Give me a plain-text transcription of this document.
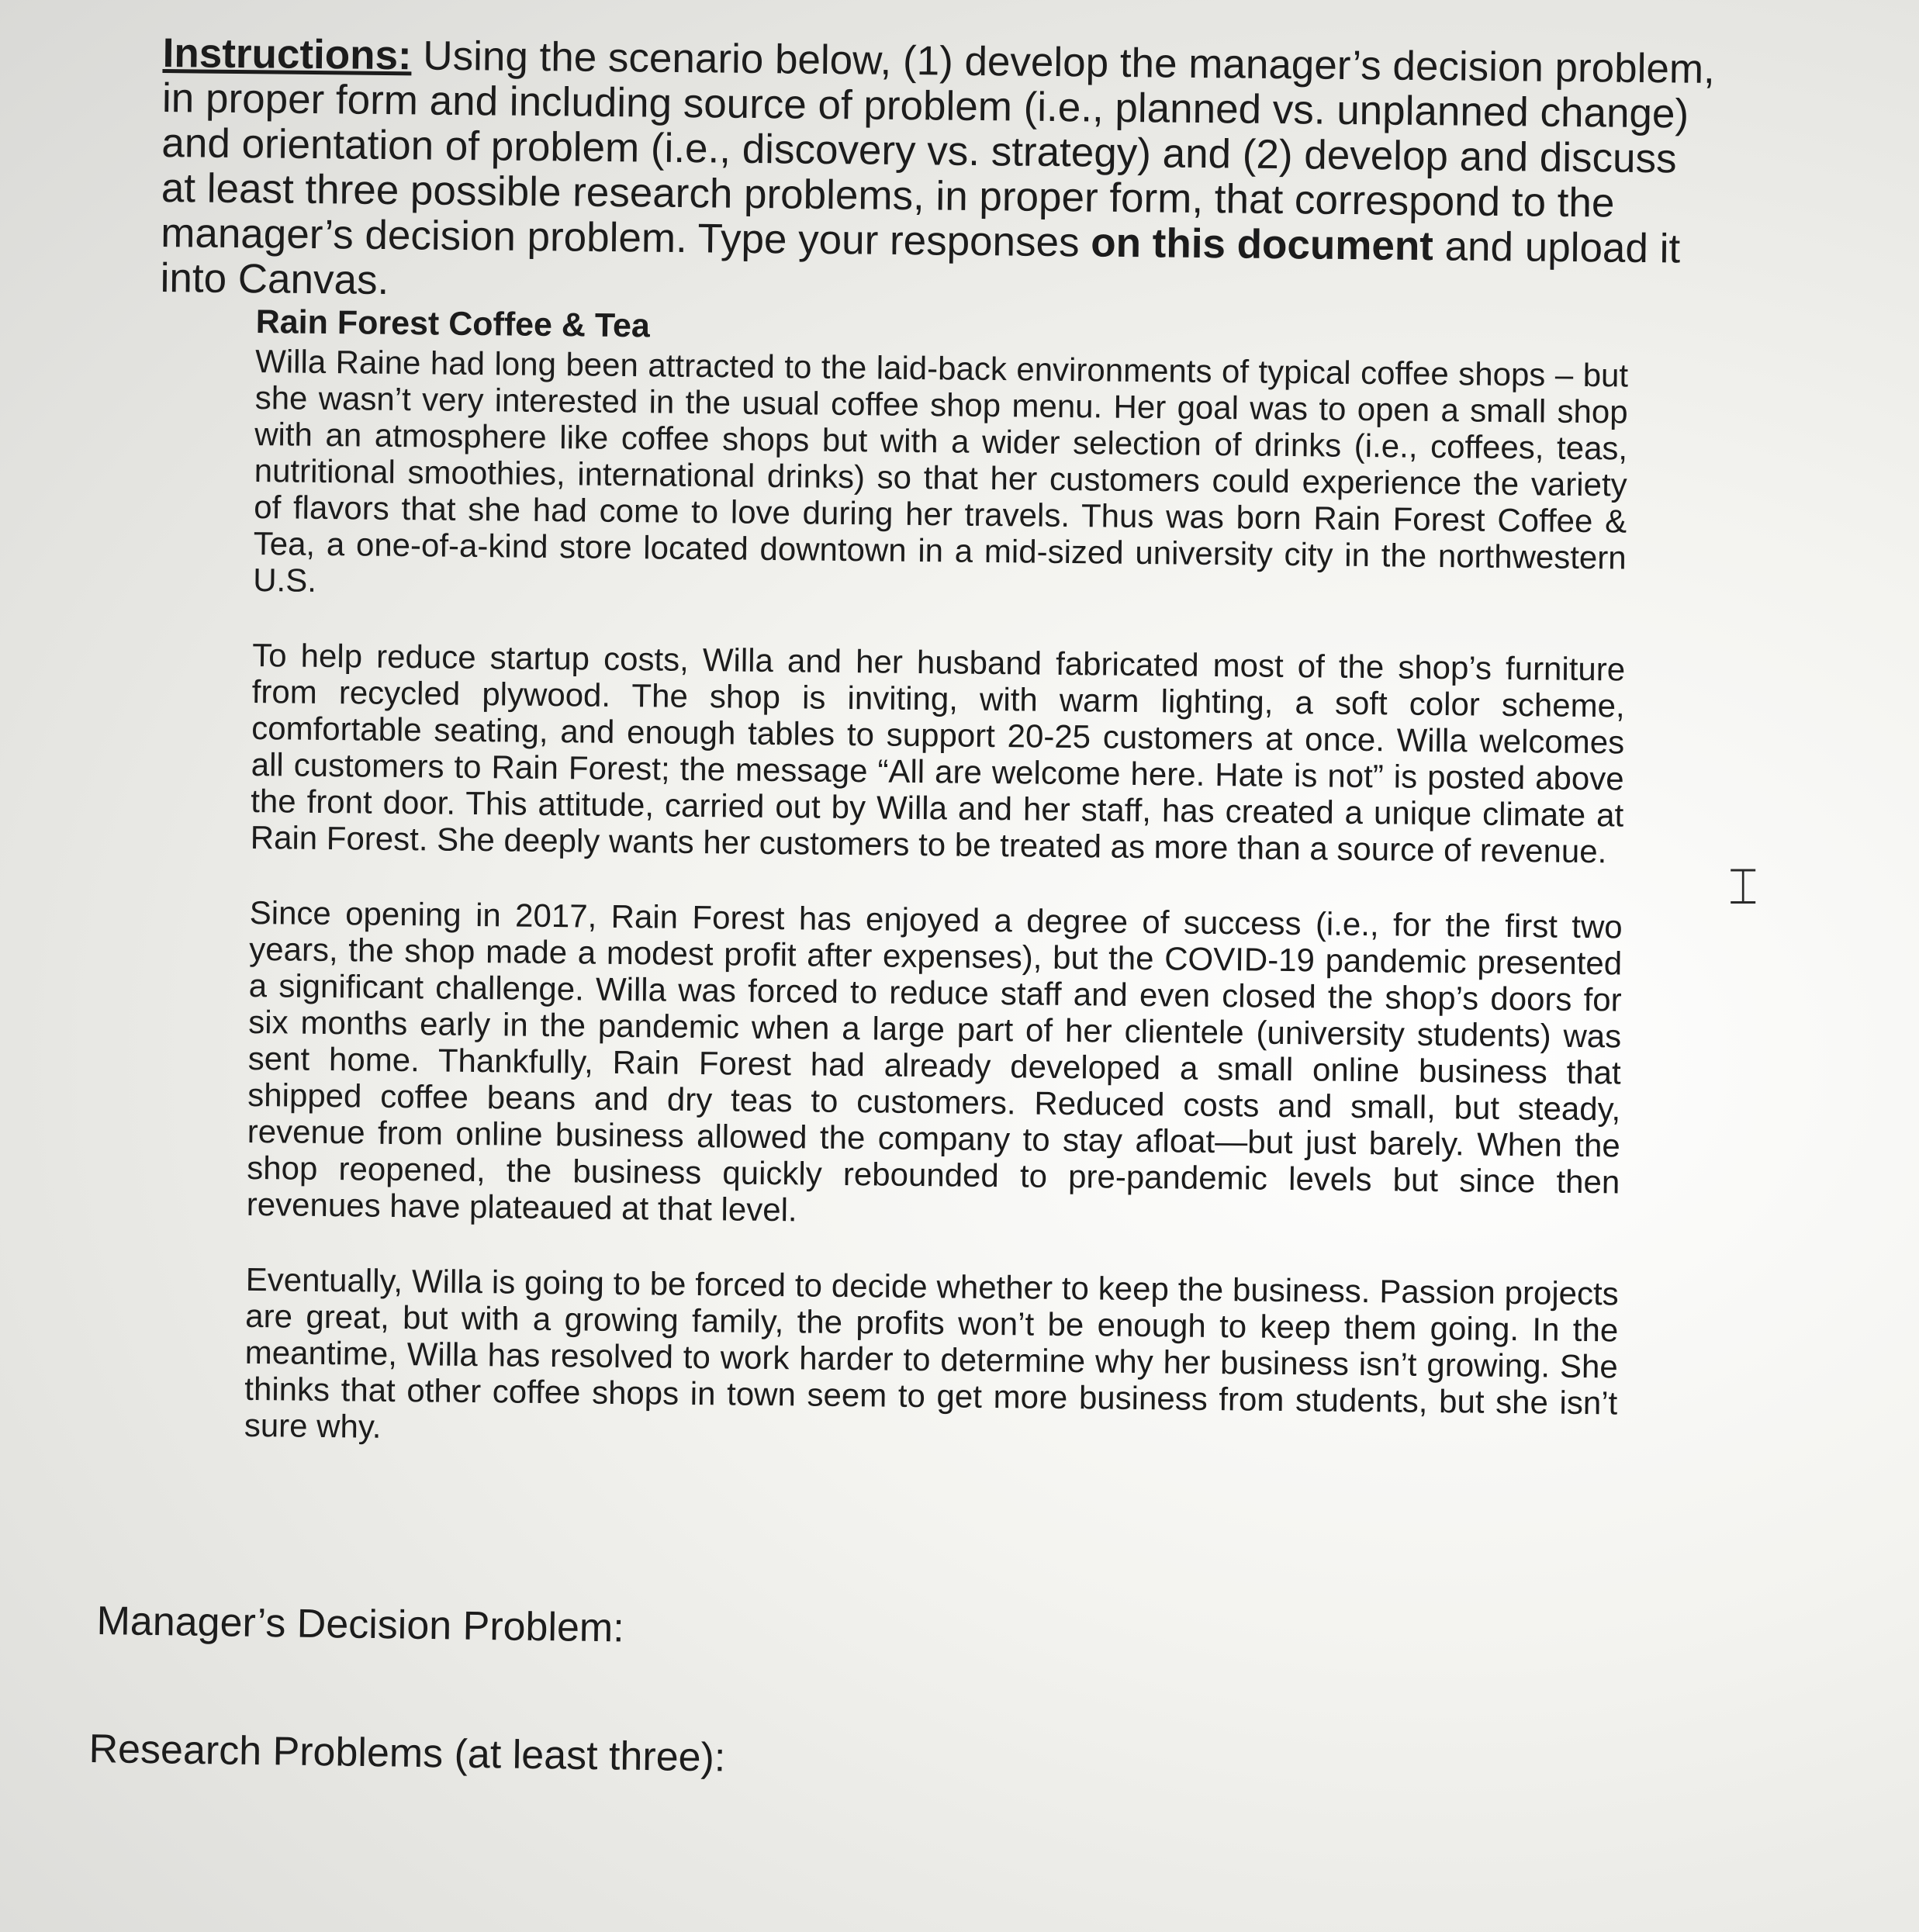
Instructions: Using the scenario below, (1) develop the manager’s decision problem, in proper form and including source of problem (i.e., planned vs. unplanned change) and orientation of problem (i.e., discovery vs. strategy) and (2) develop and discuss at least three possible research problems, in proper form, that correspond to the manager’s decision problem. Type your responses on this document and upload it into Canvas.
Rain Forest Coffee & Tea

Willa Raine had long been attracted to the laid-back environments of typical coffee shops – but she wasn’t very interested in the usual coffee shop menu. Her goal was to open a small shop with an atmosphere like coffee shops but with a wider selection of drinks (i.e., coffees, teas, nutritional smoothies, international drinks) so that her customers could experience the variety of flavors that she had come to love during her travels. Thus was born Rain Forest Coffee & Tea, a one-of-a-kind store located downtown in a mid-sized university city in the northwestern U.S.

To help reduce startup costs, Willa and her husband fabricated most of the shop’s furniture from recycled plywood. The shop is inviting, with warm lighting, a soft color scheme, comfortable seating, and enough tables to support 20-25 customers at once. Willa welcomes all customers to Rain Forest; the message “All are welcome here. Hate is not” is posted above the front door. This attitude, carried out by Willa and her staff, has created a unique climate at Rain Forest. She deeply wants her customers to be treated as more than a source of revenue.

Since opening in 2017, Rain Forest has enjoyed a degree of success (i.e., for the first two years, the shop made a modest profit after expenses), but the COVID-19 pandemic presented a significant challenge. Willa was forced to reduce staff and even closed the shop’s doors for six months early in the pandemic when a large part of her clientele (university students) was sent home. Thankfully, Rain Forest had already developed a small online business that shipped coffee beans and dry teas to customers. Reduced costs and small, but steady, revenue from online business allowed the company to stay afloat—but just barely. When the shop reopened, the business quickly rebounded to pre-pandemic levels but since then revenues have plateaued at that level.

Eventually, Willa is going to be forced to decide whether to keep the business. Passion projects are great, but with a growing family, the profits won’t be enough to keep them going. In the meantime, Willa has resolved to work harder to determine why her business isn’t growing. She thinks that other coffee shops in town seem to get more business from students, but she isn’t sure why.

Manager’s Decision Problem:
Research Problems (at least three):
⌶
